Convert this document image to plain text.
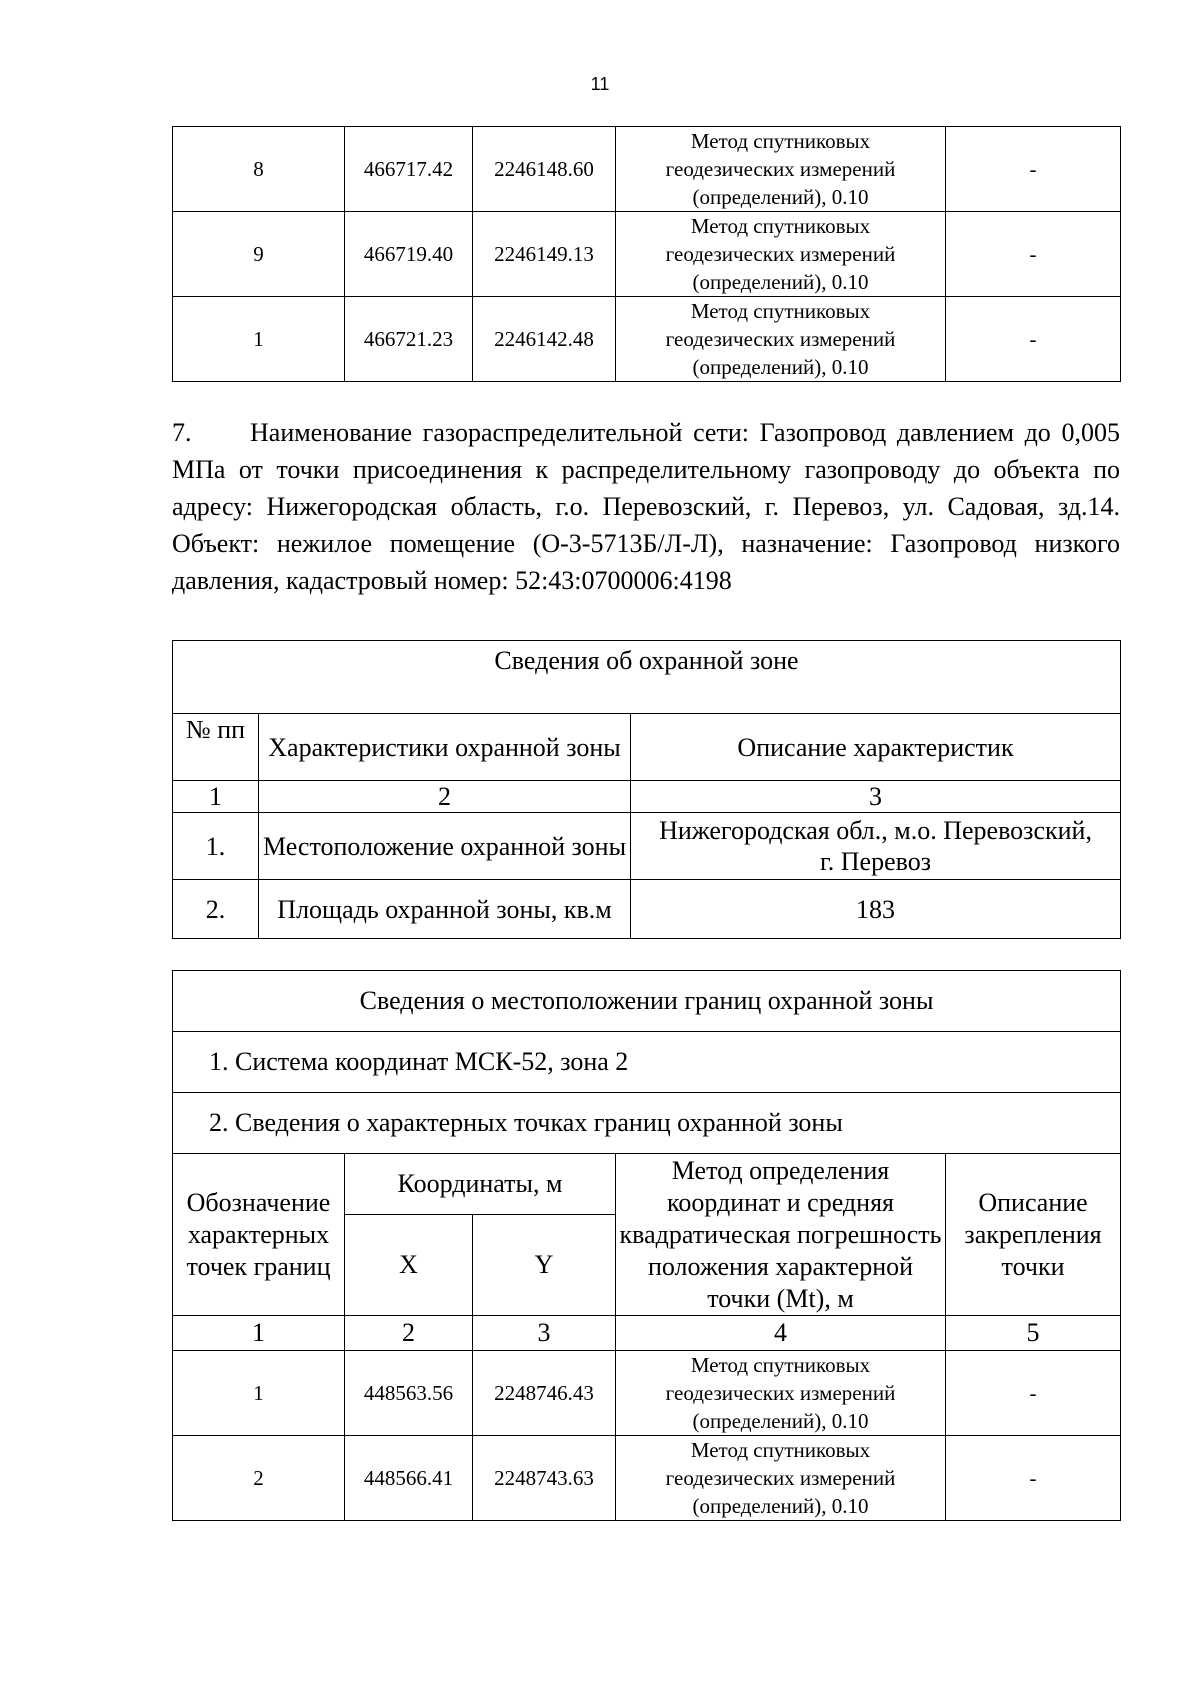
11
8	466717.42	2246148.60	Метод спутниковых
геодезических измерений
(определений), 0.10	-
9	466719.40	2246149.13	Метод спутниковых
геодезических измерений
(определений), 0.10	-
1	466721.23	2246142.48	Метод спутниковых
геодезических измерений
(определений), 0.10	-
7. Наименование газораспределительной сети: Газопровод давлением до 0,005 МПа от точки присоединения к распределительному газопроводу до объекта по адресу: Нижегородская область, г.о. Перевозский, г. Перевоз, ул. Садовая, зд.14. Объект: нежилое помещение (О-3-5713Б/Л-Л), назначение: Газопровод низкого давления, кадастровый номер: 52:43:0700006:4198
Сведения об охранной зоне		
№ пп	Характеристики охранной зоны	Описание характеристик
1	2	3
1.	Местоположение охранной зоны	Нижегородская обл., м.о. Перевозский,
г. Перевоз

2.	Площадь охранной зоны, кв.м	183
Сведения о местоположении границ охранной зоны				
1. Система координат МСК-52, зона 2				
2. Сведения о характерных точках границ охранной зоны				
Обозначение характерных точек границ	Координаты, м		Метод определения координат и средняя квадратическая погрешность положения характерной точки (Mt), м	Описание закрепления точки
	X	Y		
1	2	3	4	5
1	448563.56	2248746.43	Метод спутниковых
геодезических измерений
(определений), 0.10	-
2	448566.41	2248743.63	Метод спутниковых
геодезических измерений
(определений), 0.10	-
